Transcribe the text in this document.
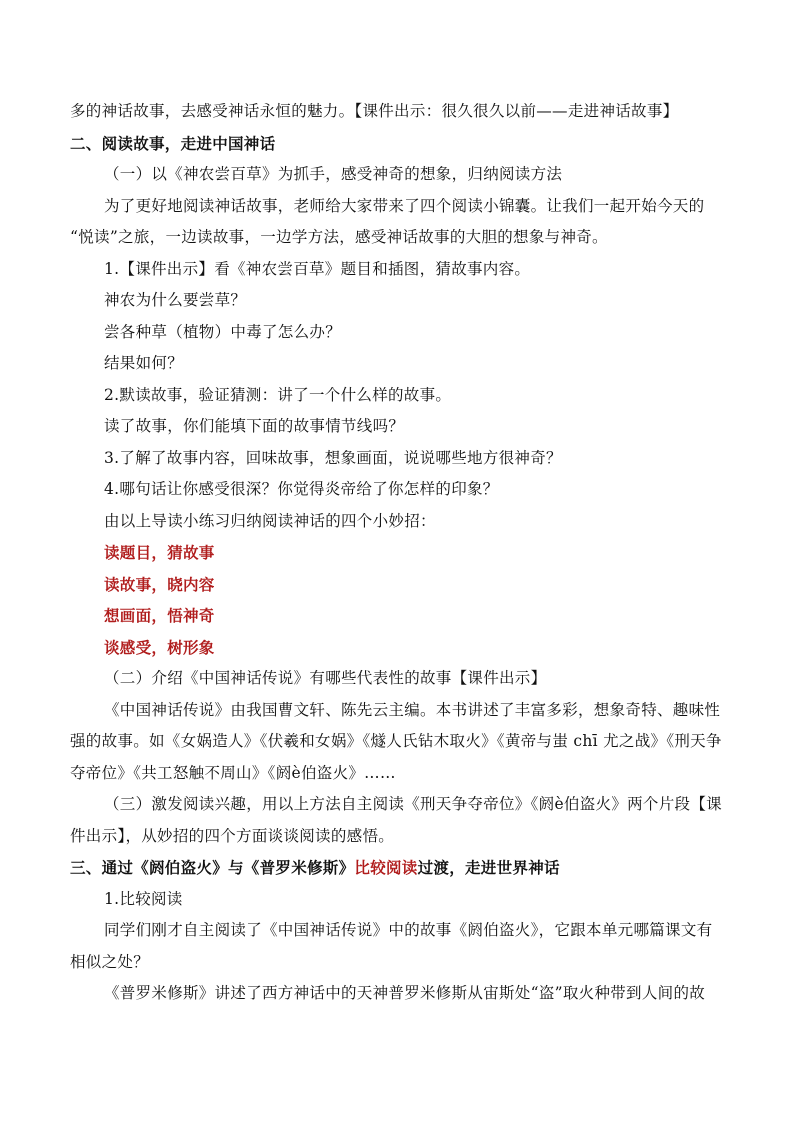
多的神话故事，去感受神话永恒的魅力。【课件出示：很久很久以前——走进神话故事】
二、阅读故事，走进中国神话
（一）以《神农尝百草》为抓手，感受神奇的想象，归纳阅读方法
为了更好地阅读神话故事，老师给大家带来了四个阅读小锦囊。让我们一起开始今天的
“悦读”之旅，一边读故事，一边学方法，感受神话故事的大胆的想象与神奇。
1.【课件出示】看《神农尝百草》题目和插图，猜故事内容。
神农为什么要尝草？
尝各种草（植物）中毒了怎么办？
结果如何？
2.默读故事，验证猜测：讲了一个什么样的故事。
读了故事，你们能填下面的故事情节线吗？
3.了解了故事内容，回味故事，想象画面，说说哪些地方很神奇？
4.哪句话让你感受很深？你觉得炎帝给了你怎样的印象？
由以上导读小练习归纳阅读神话的四个小妙招：
读题目，猜故事
读故事，晓内容
想画面，悟神奇
谈感受，树形象
（二）介绍《中国神话传说》有哪些代表性的故事【课件出示】
《中国神话传说》由我国曹文轩、陈先云主编。本书讲述了丰富多彩，想象奇特、趣味性
强的故事。如《女娲造人》《伏羲和女娲》《燧人氏钻木取火》《黄帝与蚩 chī 尤之战》《刑天争
夺帝位》《共工怒触不周山》《阏è伯盗火》……
（三）激发阅读兴趣，用以上方法自主阅读《刑天争夺帝位》《阏è伯盗火》两个片段【课
件出示】，从妙招的四个方面谈谈阅读的感悟。
三、通过《阏伯盗火》与《普罗米修斯》比较阅读过渡，走进世界神话
1.比较阅读
同学们刚才自主阅读了《中国神话传说》中的故事《阏伯盗火》，它跟本单元哪篇课文有
相似之处？
《普罗米修斯》讲述了西方神话中的天神普罗米修斯从宙斯处“盗”取火种带到人间的故
